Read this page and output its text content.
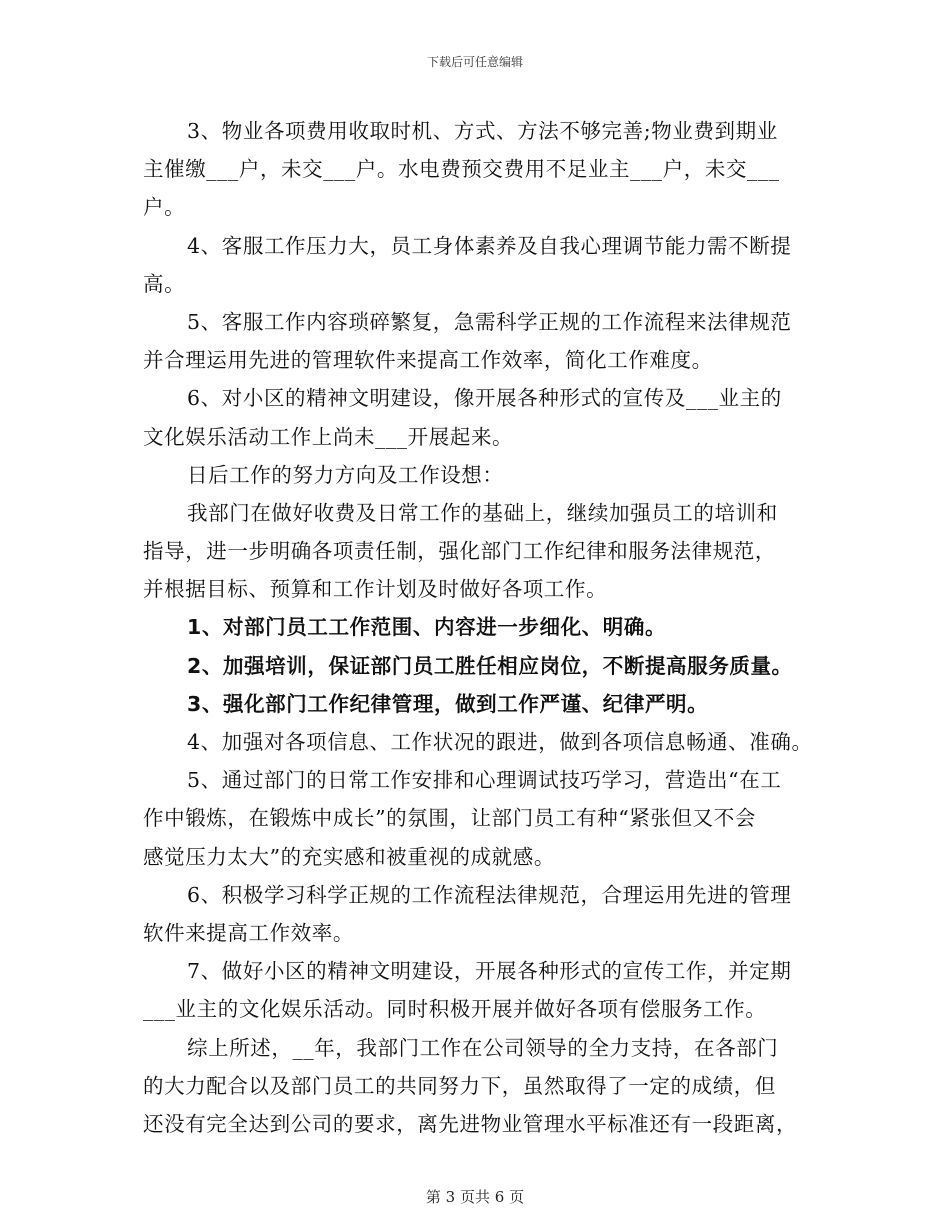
下载后可任意编辑
3、物业各项费用收取时机、方式、方法不够完善;物业费到期业
主催缴___户，未交___户。水电费预交费用不足业主___户，未交___
户。
4、客服工作压力大，员工身体素养及自我心理调节能力需不断提
高。
5、客服工作内容琐碎繁复，急需科学正规的工作流程来法律规范
并合理运用先进的管理软件来提高工作效率，简化工作难度。
6、对小区的精神文明建设，像开展各种形式的宣传及___业主的
文化娱乐活动工作上尚未___开展起来。
日后工作的努力方向及工作设想：
我部门在做好收费及日常工作的基础上，继续加强员工的培训和
指导，进一步明确各项责任制，强化部门工作纪律和服务法律规范，
并根据目标、预算和工作计划及时做好各项工作。
1、对部门员工工作范围、内容进一步细化、明确。
2、加强培训，保证部门员工胜任相应岗位，不断提高服务质量。
3、强化部门工作纪律管理，做到工作严谨、纪律严明。
4、加强对各项信息、工作状况的跟进，做到各项信息畅通、准确。
5、通过部门的日常工作安排和心理调试技巧学习，营造出“在工
作中锻炼，在锻炼中成长”的氛围，让部门员工有种“紧张但又不会
感觉压力太大”的充实感和被重视的成就感。
6、积极学习科学正规的工作流程法律规范，合理运用先进的管理
软件来提高工作效率。
7、做好小区的精神文明建设，开展各种形式的宣传工作，并定期
___业主的文化娱乐活动。同时积极开展并做好各项有偿服务工作。
综上所述，__年，我部门工作在公司领导的全力支持，在各部门
的大力配合以及部门员工的共同努力下，虽然取得了一定的成绩，但
还没有完全达到公司的要求，离先进物业管理水平标准还有一段距离，
第 3 页共 6 页
